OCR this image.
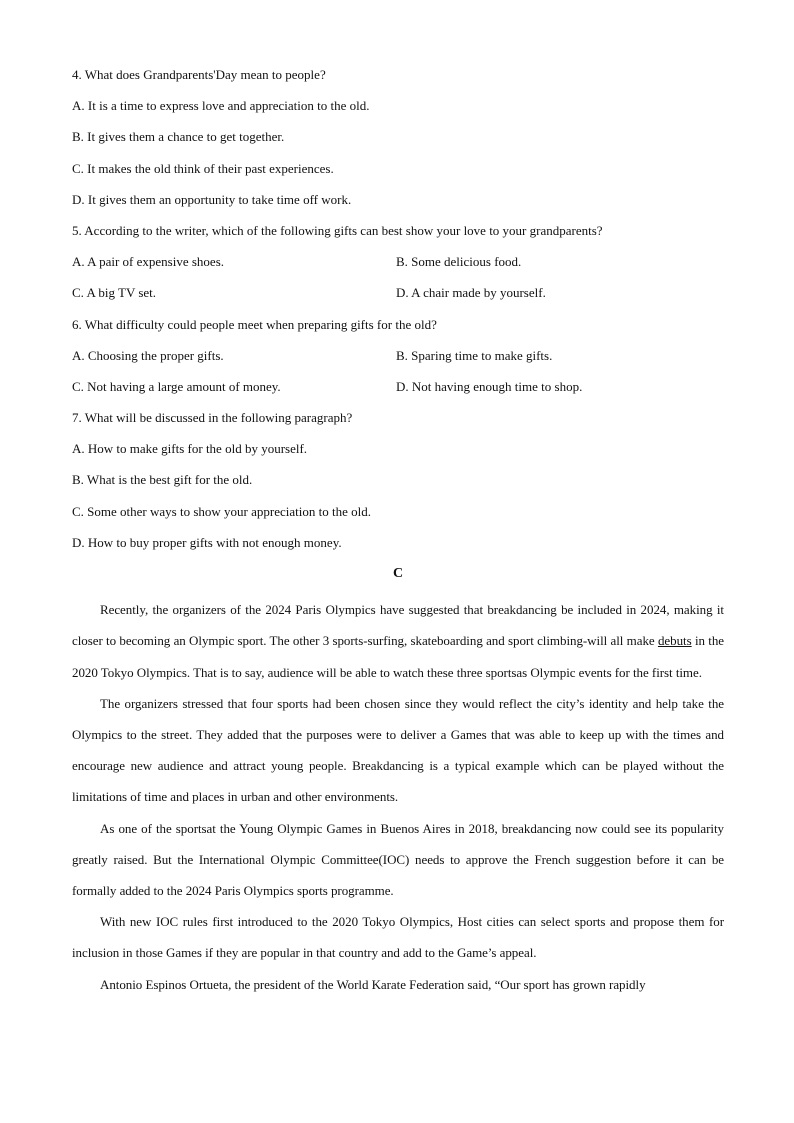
4. What does Grandparents'Day mean to people?
A. It is a time to express love and appreciation to the old.
B. It gives them a chance to get together.
C. It makes the old think of their past experiences.
D. It gives them an opportunity to take time off work.
5. According to the writer, which of the following gifts can best show your love to your grandparents?
A. A pair of expensive shoes.	B. Some delicious food.
C. A big TV set.	D. A chair made by yourself.
6. What difficulty could people meet when preparing gifts for the old?
A. Choosing the proper gifts.	B. Sparing time to make gifts.
C. Not having a large amount of money.	D. Not having enough time to shop.
7. What will be discussed in the following paragraph?
A. How to make gifts for the old by yourself.
B. What is the best gift for the old.
C. Some other ways to show your appreciation to the old.
D. How to buy proper gifts with not enough money.
C

Recently, the organizers of the 2024 Paris Olympics have suggested that breakdancing be included in 2024, making it closer to becoming an Olympic sport. The other 3 sports-surfing, skateboarding and sport climbing-will all make debuts in the 2020 Tokyo Olympics. That is to say, audience will be able to watch these three sportsas Olympic events for the first time.

The organizers stressed that four sports had been chosen since they would reflect the city’s identity and help take the Olympics to the street. They added that the purposes were to deliver a Games that was able to keep up with the times and encourage new audience and attract young people. Breakdancing is a typical example which can be played without the limitations of time and places in urban and other environments.

As one of the sportsat the Young Olympic Games in Buenos Aires in 2018, breakdancing now could see its popularity greatly raised. But the International Olympic Committee(IOC) needs to approve the French suggestion before it can be formally added to the 2024 Paris Olympics sports programme.

With new IOC rules first introduced to the 2020 Tokyo Olympics, Host cities can select sports and propose them for inclusion in those Games if they are popular in that country and add to the Game’s appeal.

Antonio Espinos Ortueta, the president of the World Karate Federation said, “Our sport has grown rapidly
